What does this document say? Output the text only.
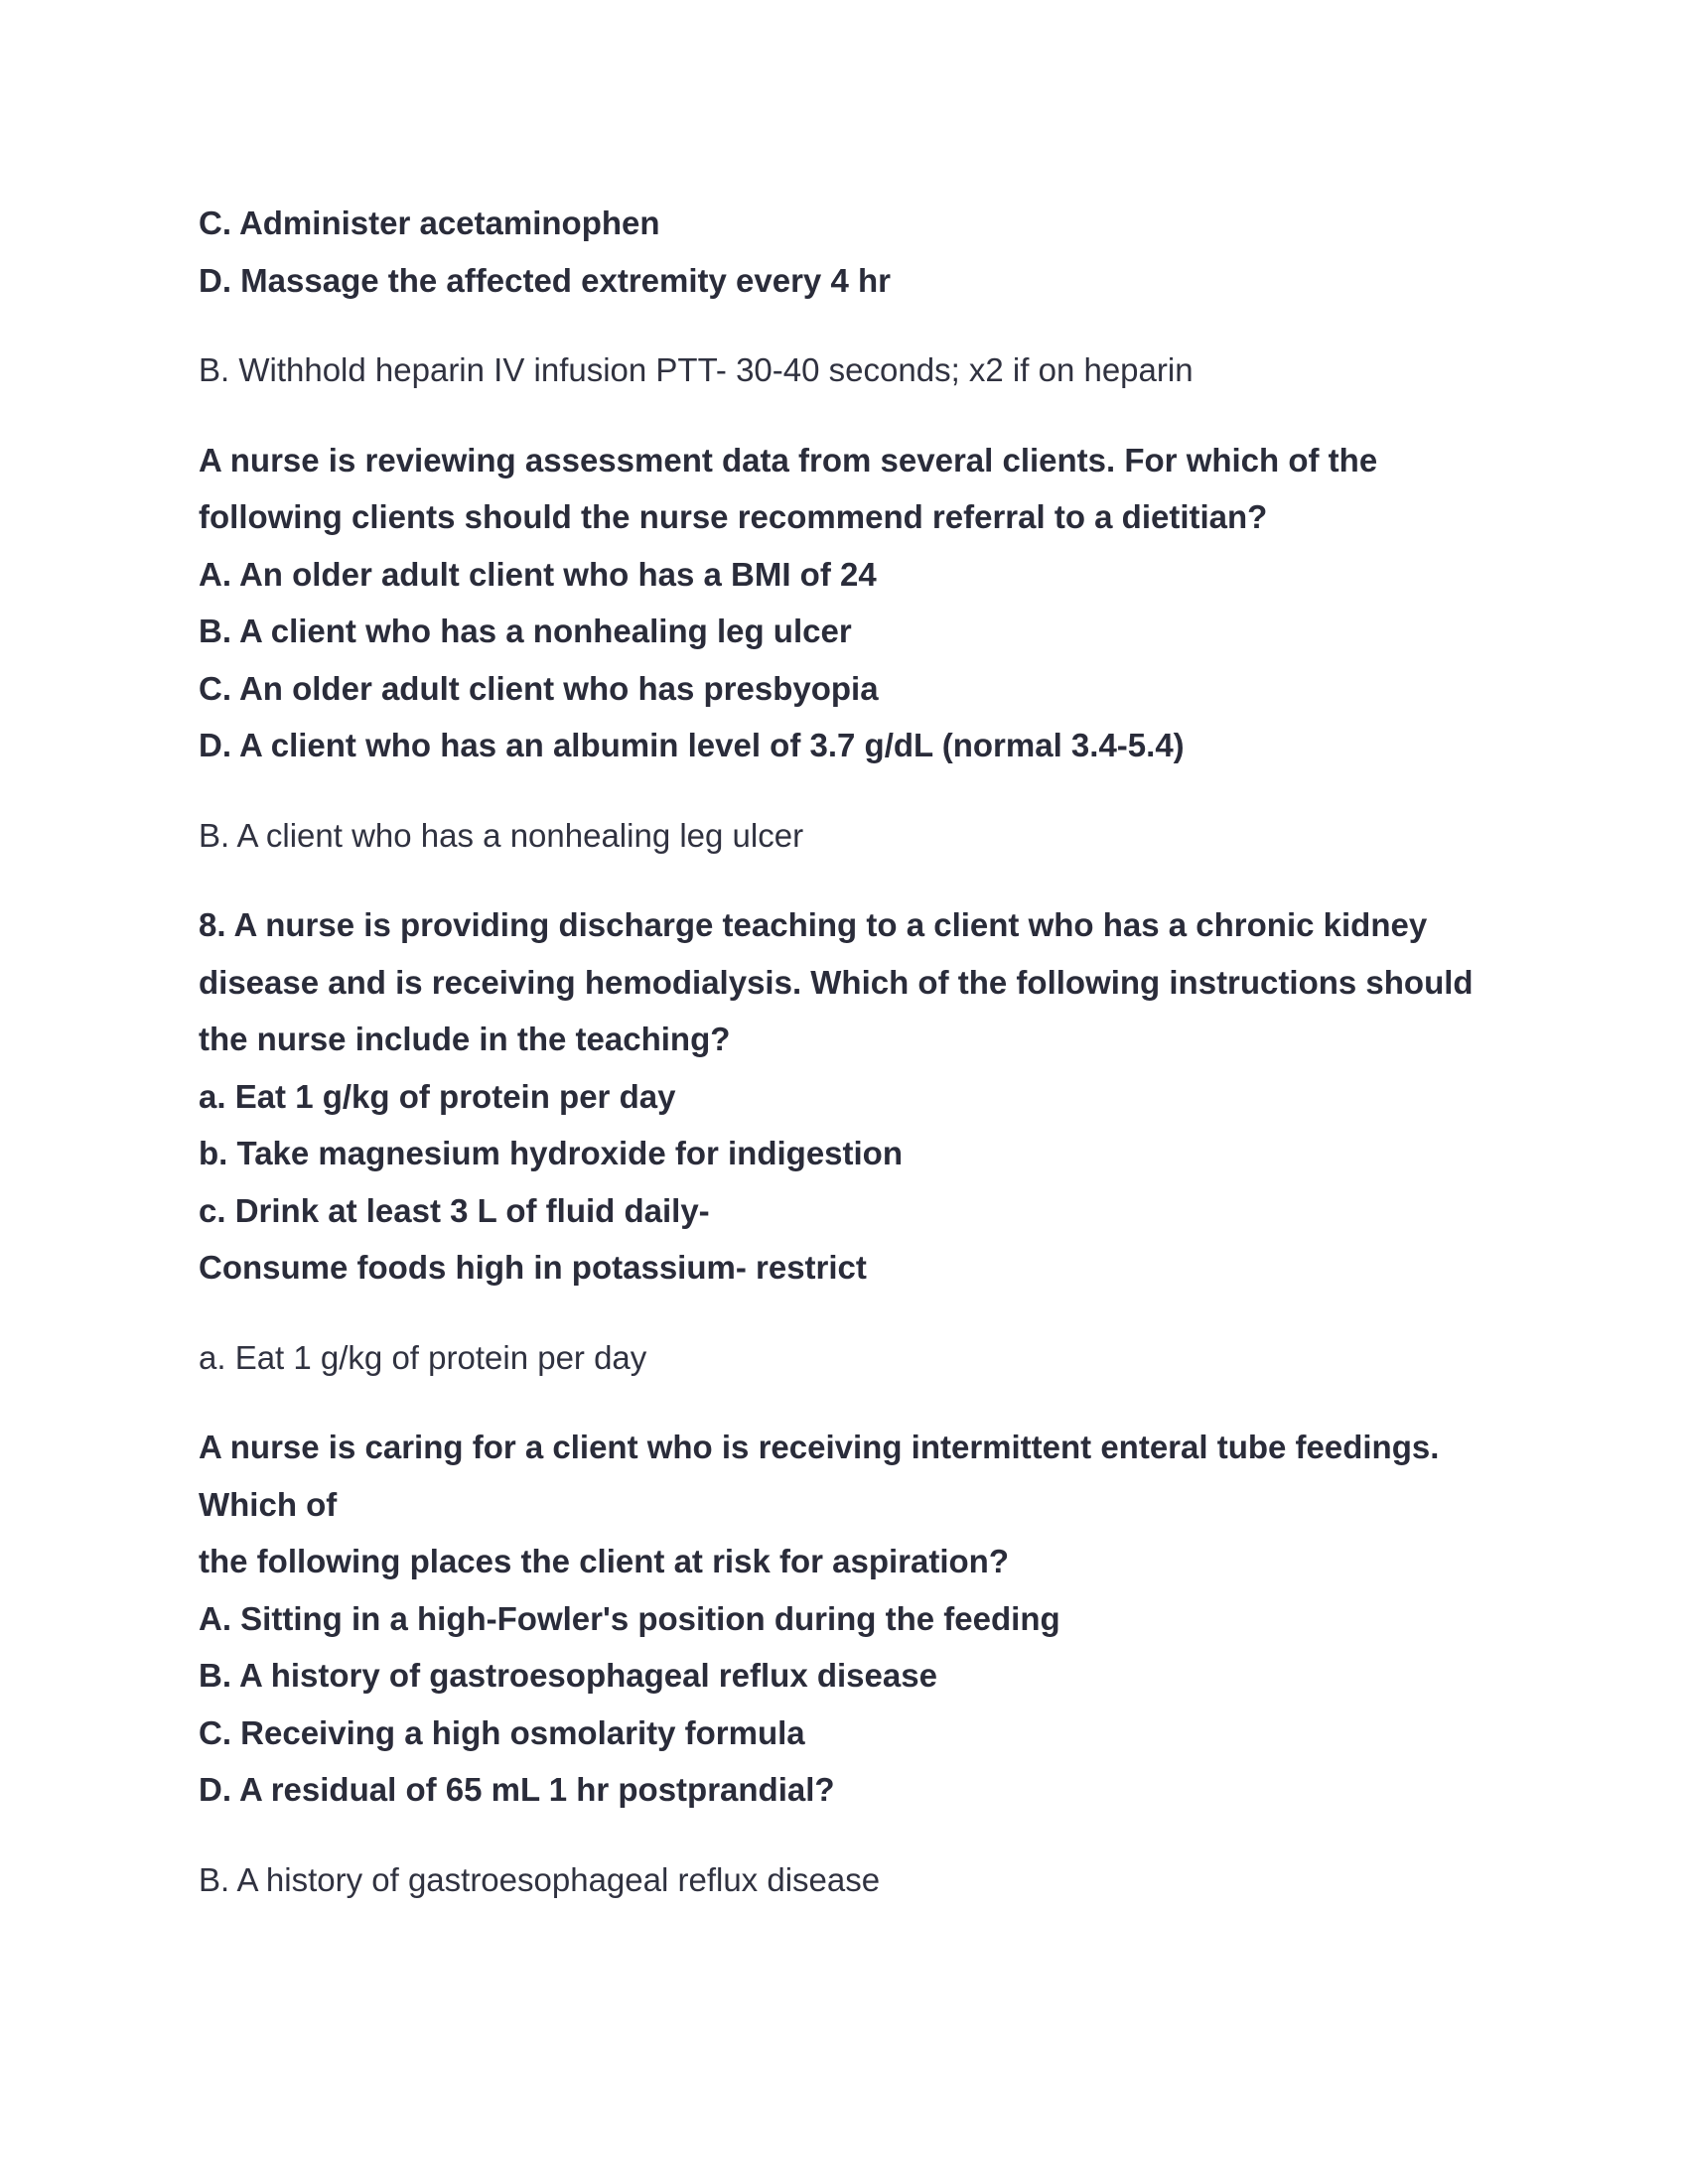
C. Administer acetaminophen
D. Massage the affected extremity every 4 hr
B. Withhold heparin IV infusion PTT- 30-40 seconds; x2 if on heparin
A nurse is reviewing assessment data from several clients. For which of the
following clients should the nurse recommend referral to a dietitian?
A. An older adult client who has a BMI of 24
B. A client who has a nonhealing leg ulcer
C. An older adult client who has presbyopia
D. A client who has an albumin level of 3.7 g/dL (normal 3.4-5.4)
B. A client who has a nonhealing leg ulcer
8. A nurse is providing discharge teaching to a client who has a chronic kidney
disease and is receiving hemodialysis. Which of the following instructions should
the nurse include in the teaching?
a. Eat 1 g/kg of protein per day
b. Take magnesium hydroxide for indigestion
c. Drink at least 3 L of fluid daily-
Consume foods high in potassium- restrict
a. Eat 1 g/kg of protein per day
A nurse is caring for a client who is receiving intermittent enteral tube feedings.
Which of
the following places the client at risk for aspiration?
A. Sitting in a high-Fowler's position during the feeding
B. A history of gastroesophageal reflux disease
C. Receiving a high osmolarity formula
D. A residual of 65 mL 1 hr postprandial?
B. A history of gastroesophageal reflux disease
